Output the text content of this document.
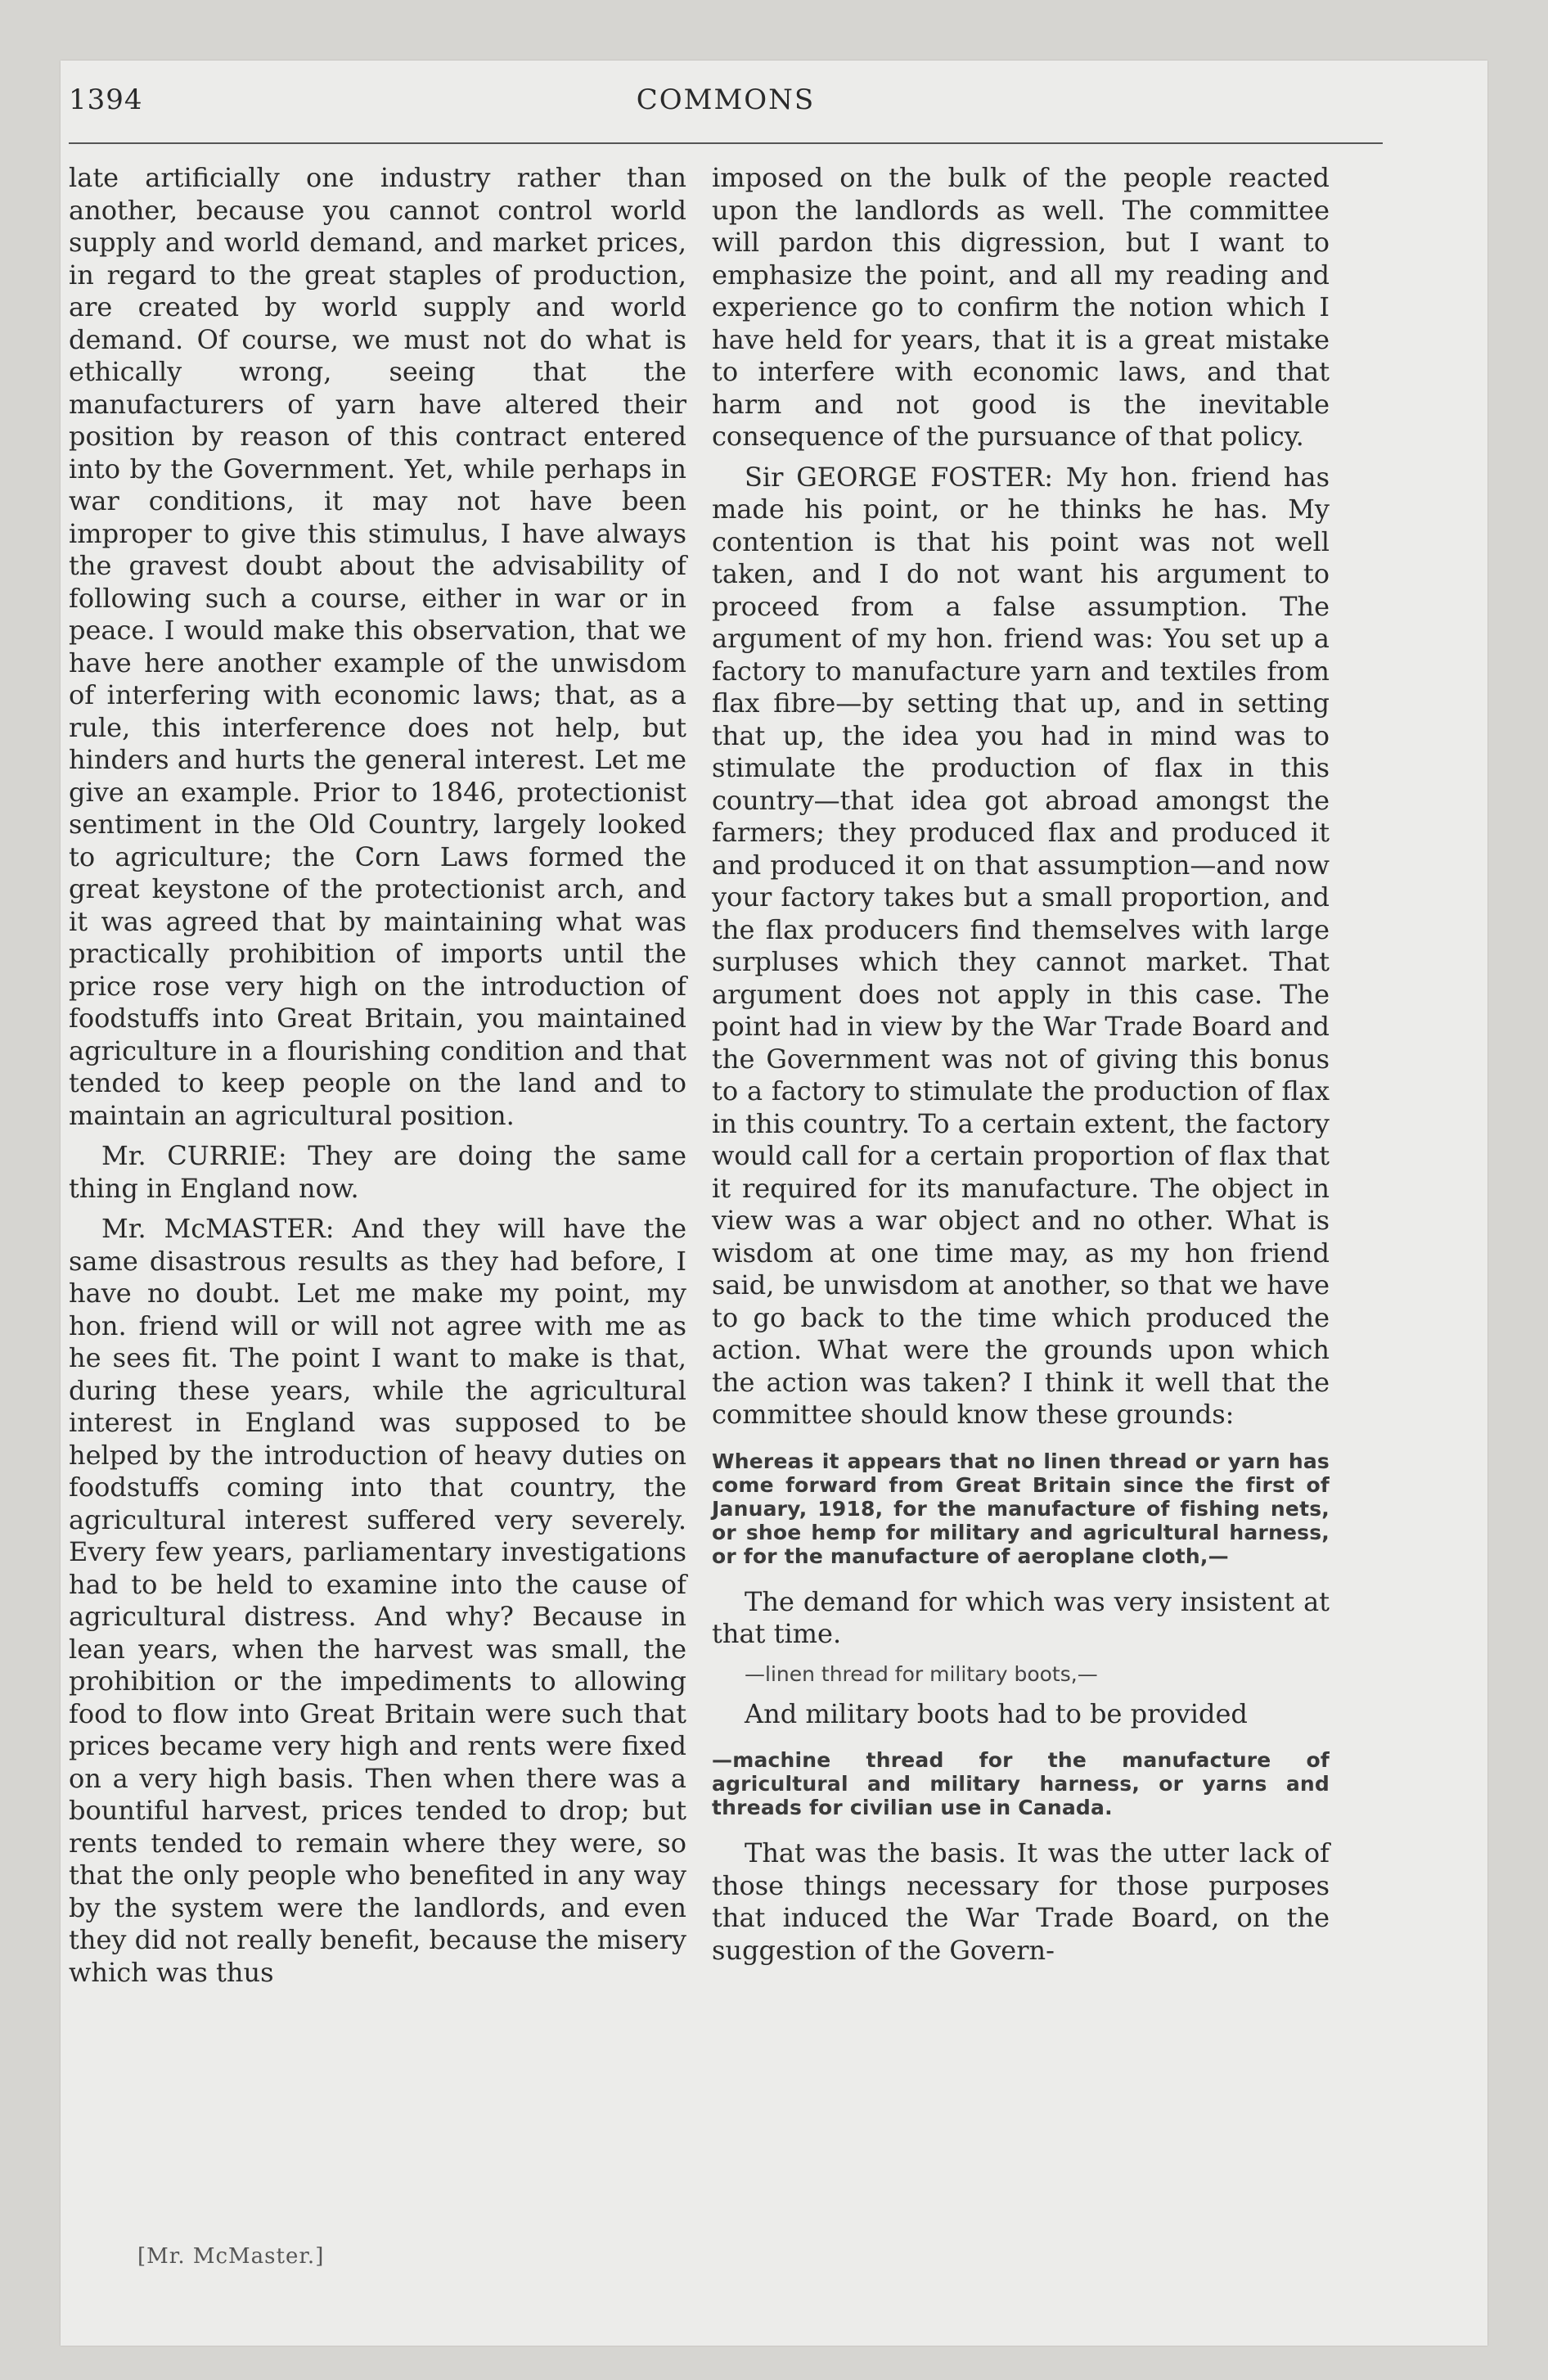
1394	COMMONS

late artificially one industry rather than another, because you cannot control world supply and world demand, and market prices, in regard to the great staples of production, are created by world supply and world demand. Of course, we must not do what is ethically wrong, seeing that the manufacturers of yarn have altered their position by reason of this contract entered into by the Government. Yet, while perhaps in war conditions, it may not have been improper to give this stimulus, I have always the gravest doubt about the advisability of following such a course, either in war or in peace. I would make this observation, that we have here another example of the unwisdom of interfering with economic laws; that, as a rule, this interference does not help, but hinders and hurts the general interest. Let me give an example. Prior to 1846, protectionist sentiment in the Old Country, largely looked to agriculture; the Corn Laws formed the great keystone of the protectionist arch, and it was agreed that by maintaining what was practically prohibition of imports until the price rose very high on the introduction of foodstuffs into Great Britain, you maintained agriculture in a flourishing condition and that tended to keep people on the land and to maintain an agricultural position.

Mr. CURRIE: They are doing the same thing in England now.

Mr. McMASTER: And they will have the same disastrous results as they had before, I have no doubt. Let me make my point, my hon. friend will or will not agree with me as he sees fit. The point I want to make is that, during these years, while the agricultural interest in England was supposed to be helped by the introduction of heavy duties on foodstuffs coming into that country, the agricultural interest suffered very severely. Every few years, parliamentary investigations had to be held to examine into the cause of agricultural distress. And why? Because in lean years, when the harvest was small, the prohibition or the impediments to allowing food to flow into Great Britain were such that prices became very high and rents were fixed on a very high basis. Then when there was a bountiful harvest, prices tended to drop; but rents tended to remain where they were, so that the only people who benefited in any way by the system were the landlords, and even they did not really benefit, because the misery which was thus

[Mr. McMaster.]

imposed on the bulk of the people reacted upon the landlords as well. The committee will pardon this digression, but I want to emphasize the point, and all my reading and experience go to confirm the notion which I have held for years, that it is a great mistake to interfere with economic laws, and that harm and not good is the inevitable consequence of the pursuance of that policy.

Sir GEORGE FOSTER: My hon. friend has made his point, or he thinks he has. My contention is that his point was not well taken, and I do not want his argument to proceed from a false assumption. The argument of my hon. friend was: You set up a factory to manufacture yarn and textiles from flax fibre—by setting that up, and in setting that up, the idea you had in mind was to stimulate the production of flax in this country—that idea got abroad amongst the farmers; they produced flax and produced it and produced it on that assumption—and now your factory takes but a small proportion, and the flax producers find themselves with large surpluses which they cannot market. That argument does not apply in this case. The point had in view by the War Trade Board and the Government was not of giving this bonus to a factory to stimulate the production of flax in this country. To a certain extent, the factory would call for a certain proportion of flax that it required for its manufacture. The object in view was a war object and no other. What is wisdom at one time may, as my hon friend said, be unwisdom at another, so that we have to go back to the time which produced the action. What were the grounds upon which the action was taken? I think it well that the committee should know these grounds:

Whereas it appears that no linen thread or yarn has come forward from Great Britain since the first of January, 1918, for the manufacture of fishing nets, or shoe hemp for military and agricultural harness, or for the manufacture of aeroplane cloth,—

The demand for which was very insistent at that time.

—linen thread for military boots,—

And military boots had to be provided

—machine thread for the manufacture of agricultural and military harness, or yarns and threads for civilian use in Canada.

That was the basis. It was the utter lack of those things necessary for those purposes that induced the War Trade Board, on the suggestion of the Govern-
